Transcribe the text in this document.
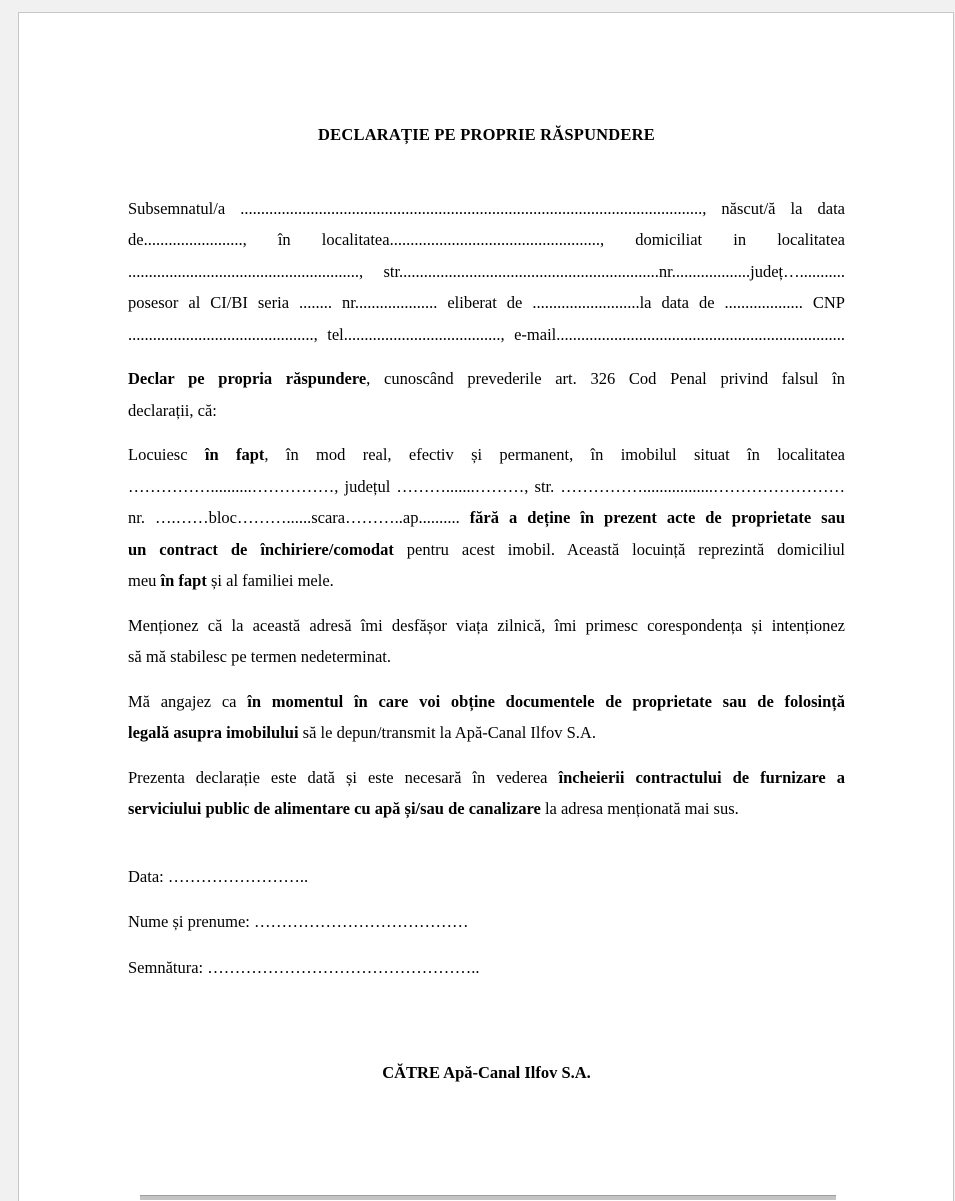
DECLARAȚIE PE PROPRIE RĂSPUNDERE
Subsemnatul/a ................................................................................................................, născut/ă la data
de........................, în localitatea..................................................., domiciliat in localitatea
........................................................, str...............................................................nr...................județ…...........
posesor al CI/BI seria ........ nr.................... eliberat de ..........................la data de ................... CNP
............................................., tel......................................, e-mail......................................................................
Declar pe propria răspundere, cunoscând prevederile art. 326 Cod Penal privind falsul în
declarații, că:
Locuiesc în fapt, în mod real, efectiv și permanent, în imobilul situat în localitatea
……………..........……………, județul ……….......………, str. …………….................……………………
nr. ….……bloc………......scara………..ap.......... fără a deține în prezent acte de proprietate sau
un contract de închiriere/comodat pentru acest imobil. Această locuință reprezintă domiciliul
meu în fapt și al familiei mele.
Menționez că la această adresă îmi desfășor viața zilnică, îmi primesc corespondența și intenționez
să mă stabilesc pe termen nedeterminat.
Mă angajez ca în momentul în care voi obține documentele de proprietate sau de folosință
legală asupra imobilului să le depun/transmit la Apă-Canal Ilfov S.A.
Prezenta declarație este dată și este necesară în vederea încheierii contractului de furnizare a
serviciului public de alimentare cu apă și/sau de canalizare la adresa menționată mai sus.
Data: ……………………..
Nume și prenume: …………………………………
Semnătura: …………………………………………..
CĂTRE Apă-Canal Ilfov S.A.
